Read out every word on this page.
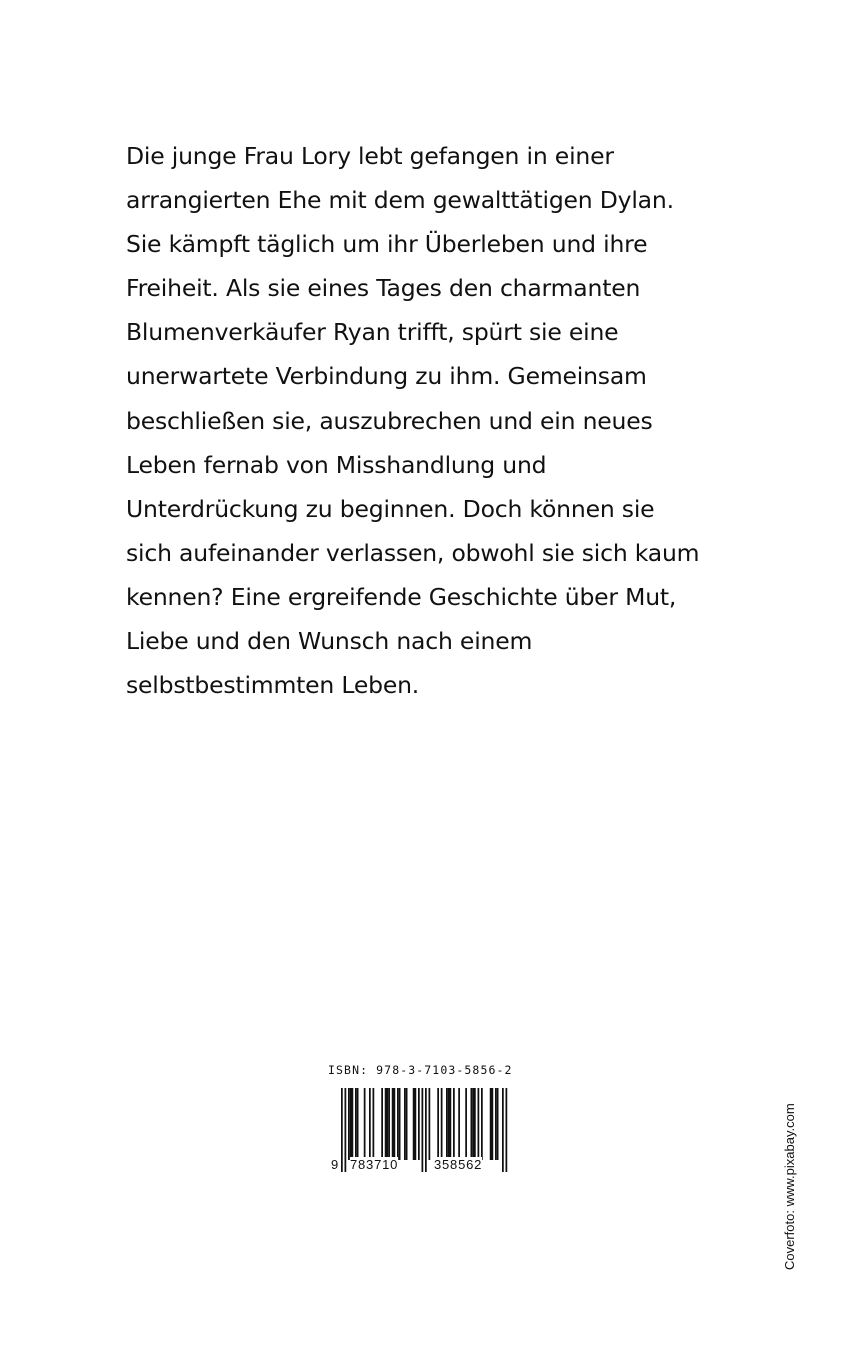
Die junge Frau Lory lebt gefangen in einer
arrangierten Ehe mit dem gewalttätigen Dylan.
Sie kämpft täglich um ihr Überleben und ihre
Freiheit. Als sie eines Tages den charmanten
Blumenverkäufer Ryan trifft, spürt sie eine
unerwartete Verbindung zu ihm. Gemeinsam
beschließen sie, auszubrechen und ein neues
Leben fernab von Misshandlung und
Unterdrückung zu beginnen. Doch können sie
sich aufeinander verlassen, obwohl sie sich kaum
kennen? Eine ergreifende Geschichte über Mut,
Liebe und den Wunsch nach einem
selbstbestimmten Leben.
ISBN: 978-3-7103-5856-2
9 783710	358562	Coverfoto: www.pixabay.com
